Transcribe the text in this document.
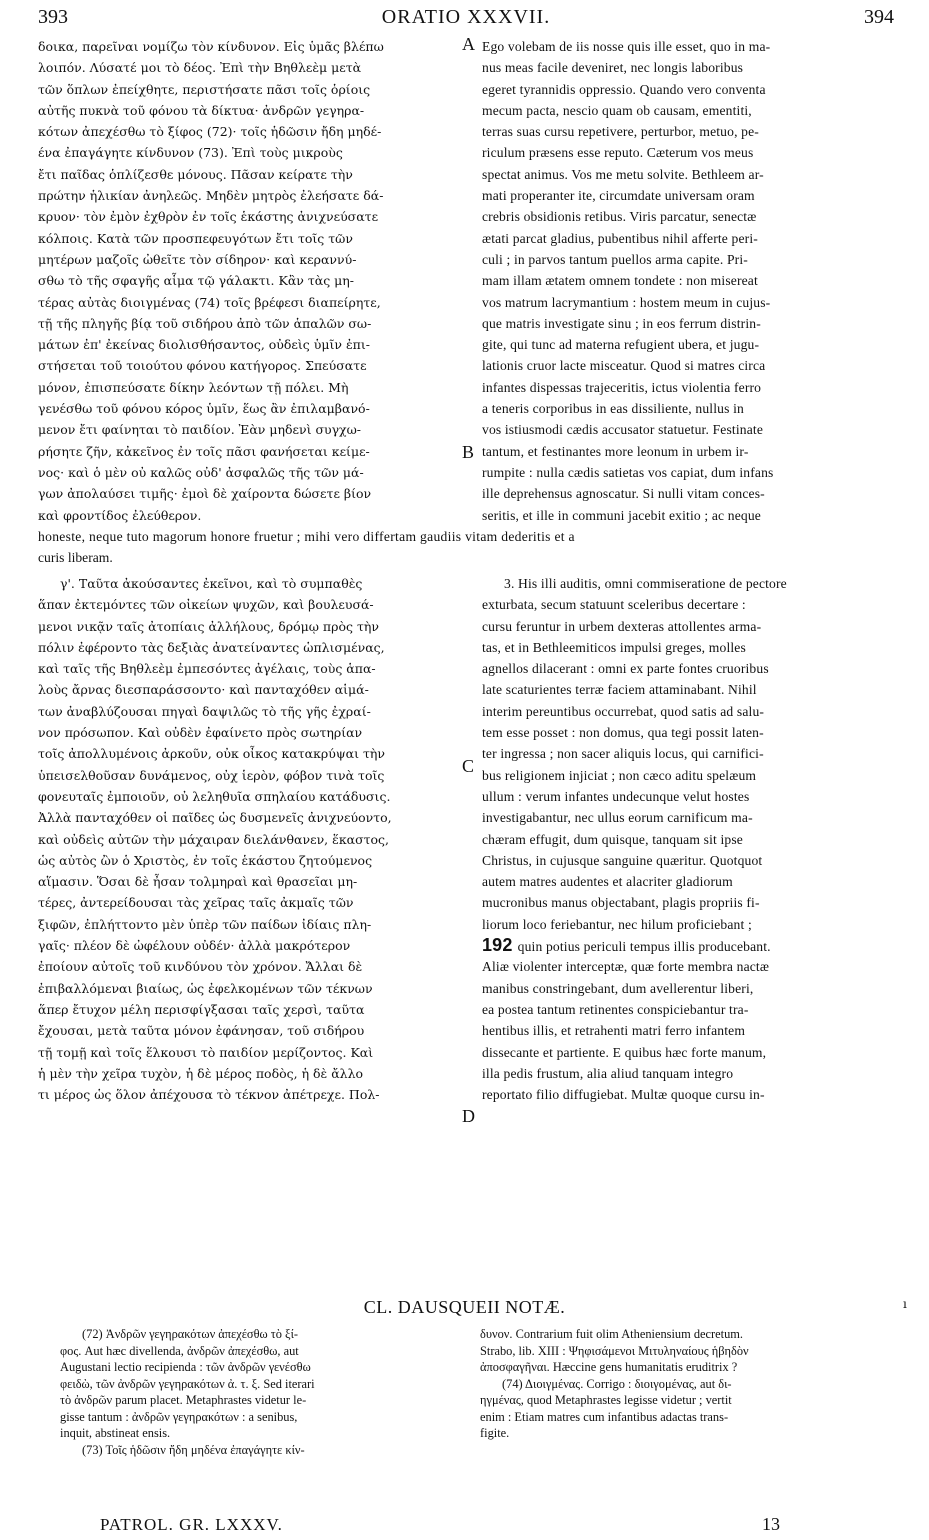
393	ORATIO XXXVII.	394
δοικα, παρεῖναι νομίζω τὸν κίνδυνον. Εἰς ὑμᾶς βλέπω
λοιπόν. Λύσατέ μοι τὸ δέος. Ἐπὶ τὴν Βηθλεὲμ μετὰ
τῶν ὅπλων ἐπείχθητε, περιστήσατε πᾶσι τοῖς ὁρίοις
αὐτῆς πυκνὰ τοῦ φόνου τὰ δίκτυα· ἀνδρῶν γεγηρα-
κότων ἀπεχέσθω τὸ ξίφος (72)· τοῖς ἡδῶσιν ἤδη μηδέ-
ένα ἐπαγάγητε κίνδυνον (73). Ἐπὶ τοὺς μικροὺς
ἔτι παῖδας ὁπλίζεσθε μόνους. Πᾶσαν κείρατε τὴν
πρώτην ἡλικίαν ἀνηλεῶς. Μηδὲν μητρὸς ἐλεήσατε δά-
κρυον· τὸν ἐμὸν ἐχθρὸν ἐν τοῖς ἑκάστης ἀνιχνεύσατε
κόλποις. Κατὰ τῶν προσπεφευγότων ἔτι τοῖς τῶν
μητέρων μαζοῖς ὠθεῖτε τὸν σίδηρον· καὶ κεραννύ-
σθω τὸ τῆς σφαγῆς αἷμα τῷ γάλακτι. Κἂν τὰς μη-
τέρας αὐτὰς διοιγμένας (74) τοῖς βρέφεσι διαπείρητε,
τῇ τῆς πληγῆς βίᾳ τοῦ σιδήρου ἀπὸ τῶν ἁπαλῶν σω-
μάτων ἐπ' ἐκείνας διολισθήσαντος, οὐδεὶς ὑμῖν ἐπι-
στήσεται τοῦ τοιούτου φόνου κατήγορος. Σπεύσατε
μόνον, ἐπισπεύσατε δίκην λεόντων τῇ πόλει. Μὴ
γενέσθω τοῦ φόνου κόρος ὑμῖν, ἕως ἂν ἐπιλαμβανό-
μενον ἔτι φαίνηται τὸ παιδίον. Ἐὰν μηδενὶ συγχω-
ρήσητε ζῆν, κἀκεῖνος ἐν τοῖς πᾶσι φανήσεται κείμε-
νος· καὶ ὁ μὲν οὐ καλῶς οὐδ' ἀσφαλῶς τῆς τῶν μά-
γων ἀπολαύσει τιμῆς· ἐμοὶ δὲ χαίροντα δώσετε βίον
καὶ φροντίδος ἐλεύθερον.
Ego volebam de iis nosse quis ille esset, quo in ma-
nus meas facile deveniret, nec longis laboribus
egeret tyrannidis oppressio. Quando vero conventa
mecum pacta, nescio quam ob causam, ementiti,
terras suas cursu repetivere, perturbor, metuo, pe-
riculum præsens esse reputo. Cæterum vos meus
spectat animus. Vos me metu solvite. Bethleem ar-
mati properanter ite, circumdate universam oram
crebris obsidionis retibus. Viris parcatur, senectæ
ætati parcat gladius, pubentibus nihil afferte peri-
culi ; in parvos tantum puellos arma capite. Pri-
mam illam ætatem omnem tondete : non misereat
vos matrum lacrymantium : hostem meum in cujus-
que matris investigate sinu ; in eos ferrum distrin-
gite, qui tunc ad materna refugient ubera, et jugu-
lationis cruor lacte misceatur. Quod si matres circa
infantes dispessas trajeceritis, ictus violentia ferro
a teneris corporibus in eas dissiliente, nullus in
vos istiusmodi cædis accusator statuetur. Festinate
tantum, et festinantes more leonum in urbem ir-
rumpite : nulla cædis satietas vos capiat, dum infans
ille deprehensus agnoscatur. Si nulli vitam conces-
seritis, et ille in communi jacebit exitio ; ac neque
A
B
C
D
honeste, neque tuto magorum honore fruetur ; mihi vero differtam gaudiis vitam dederitis et a
curis liberam.
γ'. Ταῦτα ἀκούσαντες ἐκεῖνοι, καὶ τὸ συμπαθὲς
ἅπαν ἐκτεμόντες τῶν οἰκείων ψυχῶν, καὶ βουλευσά-
μενοι νικᾷν ταῖς ἀτοπίαις ἀλλήλους, δρόμῳ πρὸς τὴν
πόλιν ἐφέροντο τὰς δεξιὰς ἀνατείναντες ὡπλισμένας,
καὶ ταῖς τῆς Βηθλεὲμ ἐμπεσόντες ἀγέλαις, τοὺς ἁπα-
λοὺς ἄρνας διεσπαράσσοντο· καὶ πανταχόθεν αἱμά-
των ἀναβλύζουσαι πηγαὶ δαψιλῶς τὸ τῆς γῆς ἐχραί-
νον πρόσωπον. Καὶ οὐδὲν ἐφαίνετο πρὸς σωτηρίαν
τοῖς ἀπολλυμένοις ἀρκοῦν, οὐκ οἶκος κατακρύψαι τὴν
ὑπεισελθοῦσαν δυνάμενος, οὐχ ἱερὸν, φόβον τινὰ τοῖς
φονευταῖς ἐμποιοῦν, οὐ λεληθυῖα σπηλαίου κατάδυσις.
Ἀλλὰ πανταχόθεν οἱ παῖδες ὡς δυσμενεῖς ἀνιχνεύοντο,
καὶ οὐδεὶς αὐτῶν τὴν μάχαιραν διελάνθανεν, ἕκαστος,
ὡς αὐτὸς ὢν ὁ Χριστὸς, ἐν τοῖς ἑκάστου ζητούμενος
αἵμασιν. Ὅσαι δὲ ἦσαν τολμηραὶ καὶ θρασεῖαι μη-
τέρες, ἀντερείδουσαι τὰς χεῖρας ταῖς ἀκμαῖς τῶν
ξιφῶν, ἐπλήττοντο μὲν ὑπὲρ τῶν παίδων ἰδίαις πλη-
γαῖς· πλέον δὲ ὠφέλουν οὐδέν· ἀλλὰ μακρότερον
ἐποίουν αὐτοῖς τοῦ κινδύνου τὸν χρόνον. Ἄλλαι δὲ
ἐπιβαλλόμεναι βιαίως, ὡς ἐφελκομένων τῶν τέκνων
ἅπερ ἔτυχον μέλη περισφίγξασαι ταῖς χερσὶ, ταῦτα
ἔχουσαι, μετὰ ταῦτα μόνον ἐφάνησαν, τοῦ σιδήρου
τῇ τομῇ καὶ τοῖς ἕλκουσι τὸ παιδίον μερίζοντος. Καὶ
ἡ μὲν τὴν χεῖρα τυχὸν, ἡ δὲ μέρος ποδὸς, ἡ δὲ ἄλλο
τι μέρος ὡς ὅλον ἀπέχουσα τὸ τέκνον ἀπέτρεχε. Πολ-
3. His illi auditis, omni commiseratione de pectore
exturbata, secum statuunt sceleribus decertare :
cursu feruntur in urbem dexteras attollentes arma-
tas, et in Bethleemiticos impulsi greges, molles
agnellos dilacerant : omni ex parte fontes cruoribus
late scaturientes terræ faciem attaminabant. Nihil
interim pereuntibus occurrebat, quod satis ad salu-
tem esse posset : non domus, qua tegi possit laten-
ter ingressa ; non sacer aliquis locus, qui carnifici-
bus religionem injiciat ; non cæco aditu spelæum
ullum : verum infantes undecunque velut hostes
investigabantur, nec ullus eorum carnificum ma-
chæram effugit, dum quisque, tanquam sit ipse
Christus, in cujusque sanguine quæritur. Quotquot
autem matres audentes et alacriter gladiorum
mucronibus manus objectabant, plagis propriis fi-
liorum loco feriebantur, nec hilum proficiebant ;
192 quin potius periculi tempus illis producebant.
Aliæ violenter interceptæ, quæ forte membra nactæ
manibus constringebant, dum avellerentur liberi,
ea postea tantum retinentes conspiciebantur tra-
hentibus illis, et retrahenti matri ferro infantem
dissecante et partiente. E quibus hæc forte manum,
illa pedis frustum, alia aliud tanquam integro
reportato filio diffugiebat. Multæ quoque cursu in-
CL. DAUSQUEII NOTÆ.	ı
(72) Ἀνδρῶν γεγηρακότων ἀπεχέσθω τὸ ξί-
φος. Aut hæc divellenda, ἀνδρῶν ἀπεχέσθω, aut
Augustani lectio recipienda : τῶν ἀνδρῶν γενέσθω
φειδὼ, τῶν ἀνδρῶν γεγηρακότων ἀ. τ. ξ. Sed iterari
τὸ ἀνδρῶν parum placet. Metaphrastes videtur le-
gisse tantum : ἀνδρῶν γεγηρακότων : a senibus,
inquit, abstineat ensis.
(73) Τοῖς ἡδῶσιν ἤδη μηδένα ἐπαγάγητε κίν-
δυνον. Contrarium fuit olim Atheniensium decretum.
Strabo, lib. XIII : Ψηφισάμενοι Μιτυληναίους ἡβηδὸν
ἀποσφαγῆναι. Hæccine gens humanitatis eruditrix ?
(74) Διοιγμένας. Corrigo : διοιγομένας, aut δι-
ηγμένας, quod Metaphrastes legisse videtur ; vertit
enim : Etiam matres cum infantibus adactas trans-
figite.
PATROL. GR. LXXXV.	13
